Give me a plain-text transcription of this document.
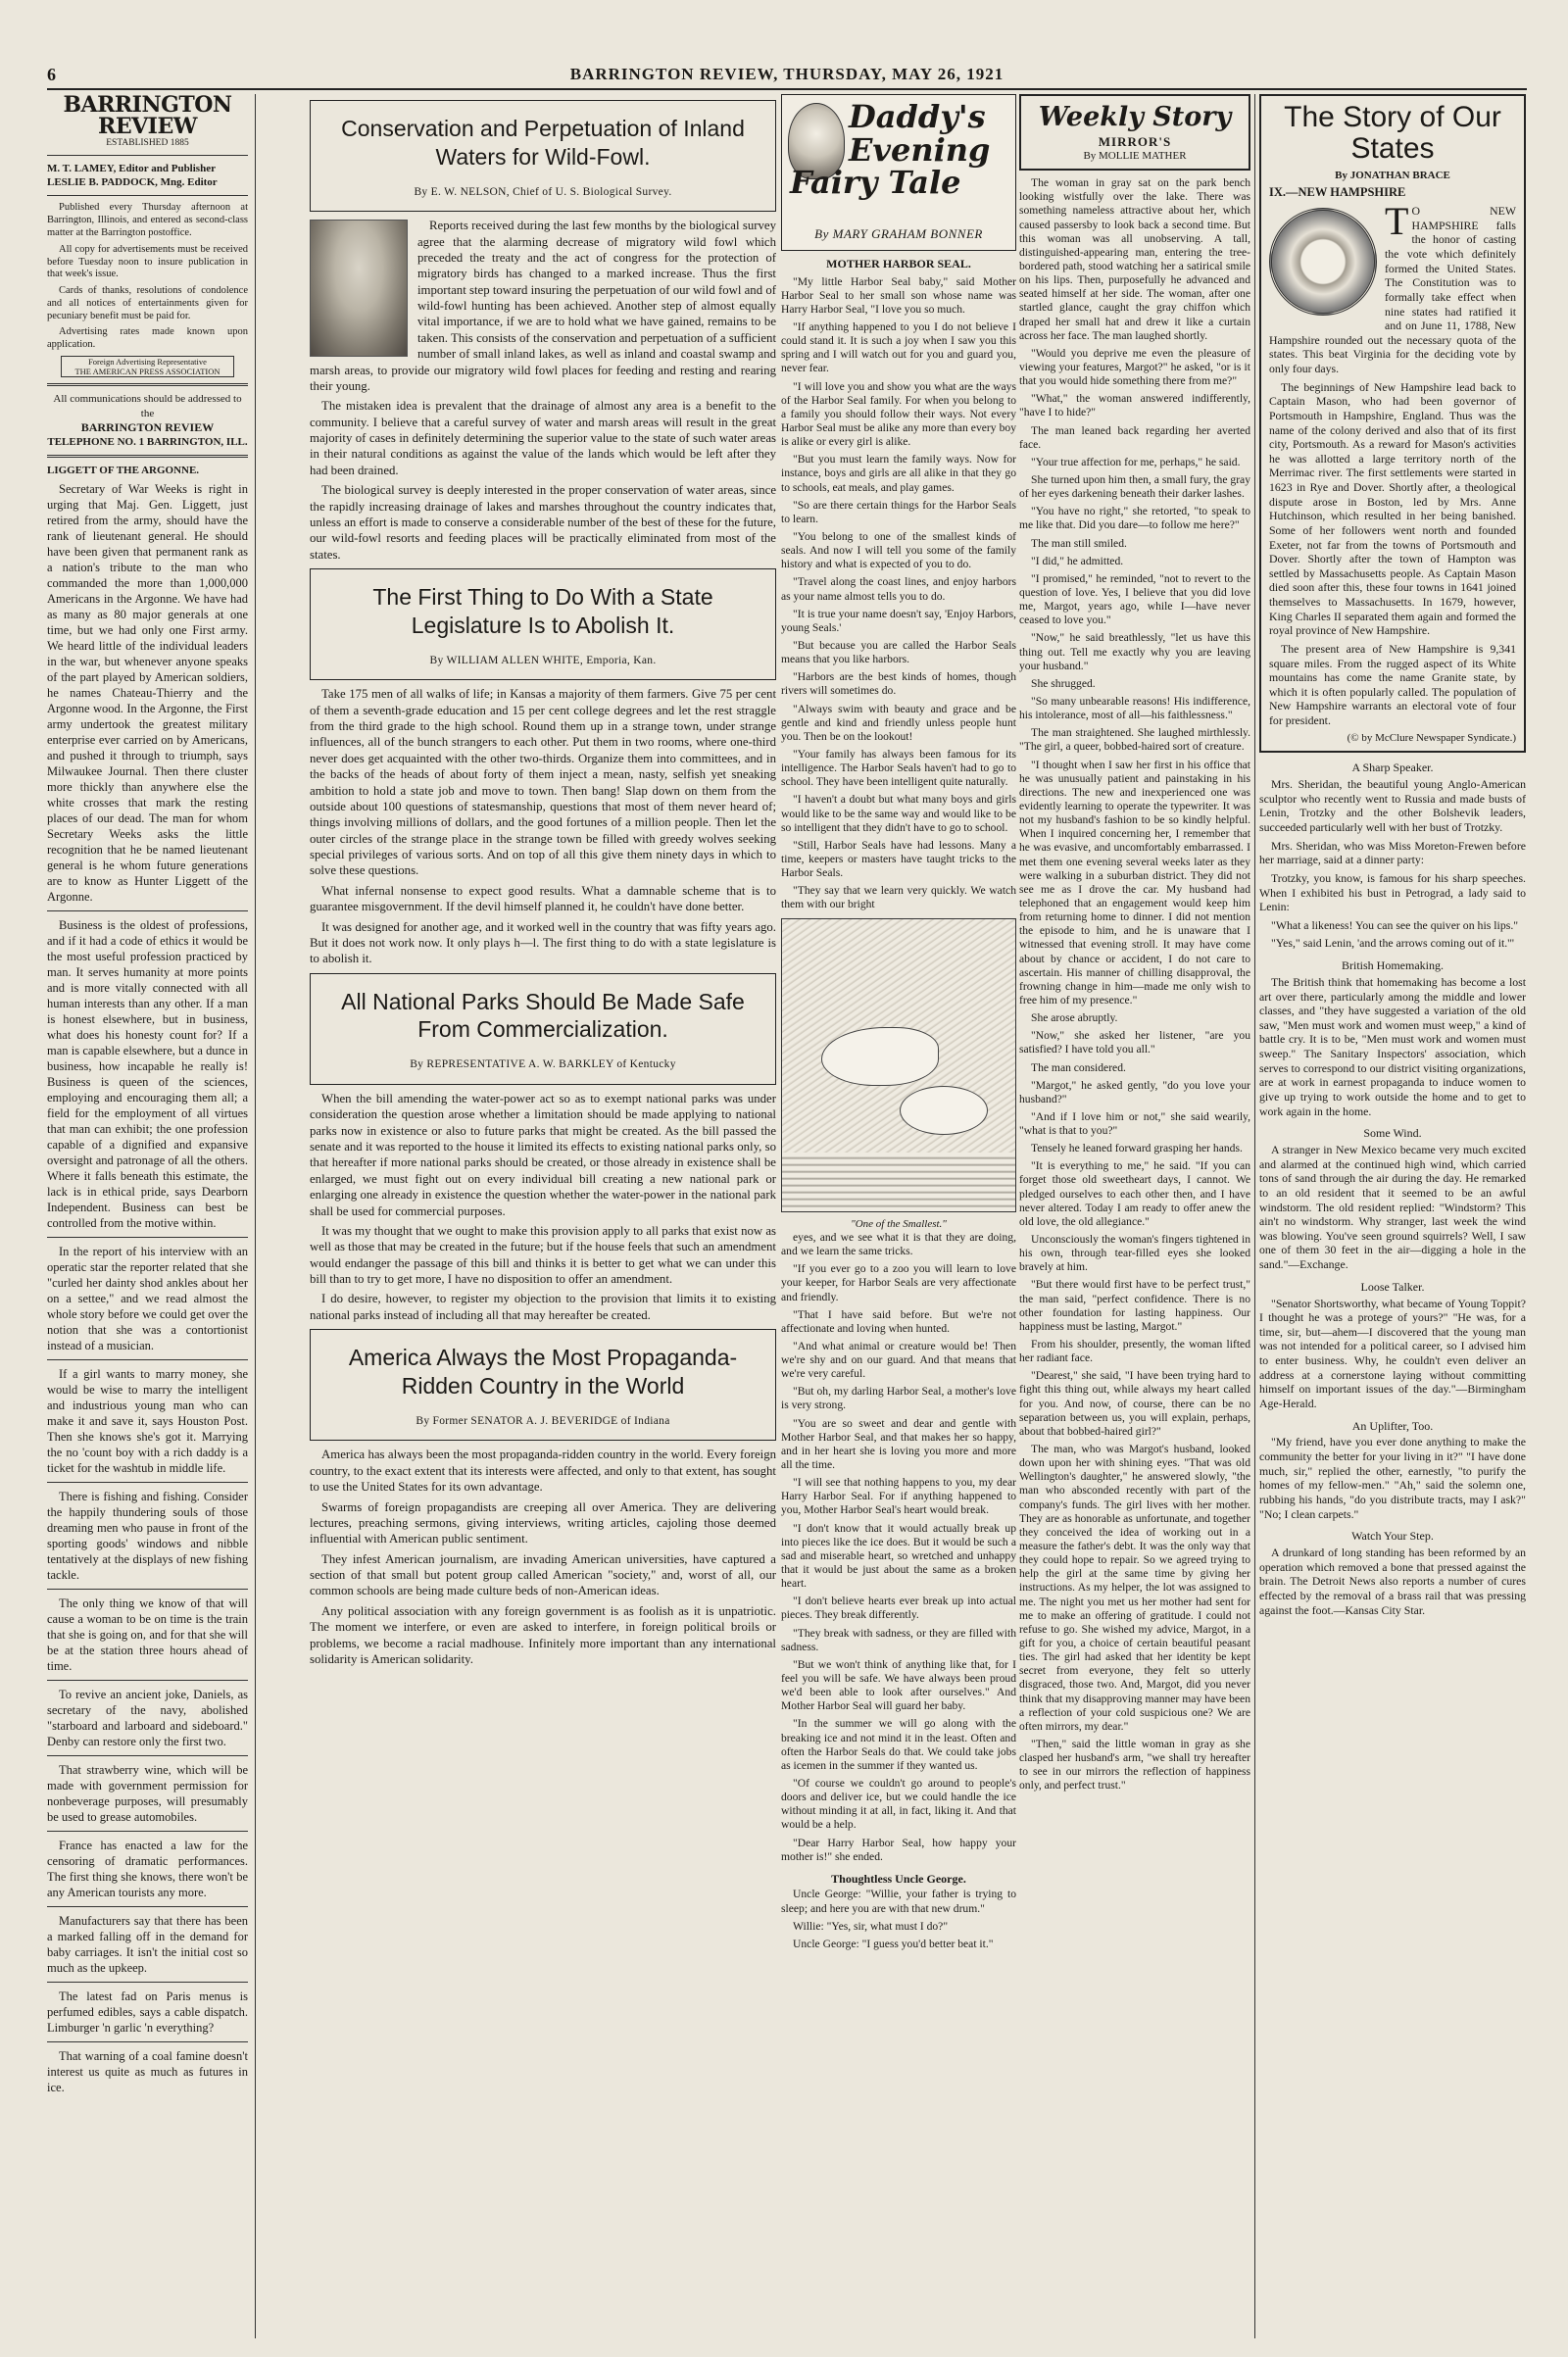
6	BARRINGTON REVIEW, THURSDAY, MAY 26, 1921
BARRINGTON REVIEW
ESTABLISHED 1885
M. T. LAMEY, Editor and Publisher
LESLIE B. PADDOCK, Mng. Editor

Published every Thursday afternoon at Barrington, Illinois, and entered as second-class matter at the Barrington postoffice.

All copy for advertisements must be received before Tuesday noon to insure publication in that week's issue.

Cards of thanks, resolutions of condolence and all notices of entertainments given for pecuniary benefit must be paid for.

Advertising rates made known upon application.

Foreign Advertising Representative
THE AMERICAN PRESS ASSOCIATION
All communications should be addressed to the
BARRINGTON REVIEW
TELEPHONE NO. 1 BARRINGTON, ILL.
LIGGETT OF THE ARGONNE.

Secretary of War Weeks is right in urging that Maj. Gen. Liggett, just retired from the army, should have the rank of lieutenant general. He should have been given that permanent rank as a nation's tribute to the man who commanded the more than 1,000,000 Americans in the Argonne. We have had as many as 80 major generals at one time, but we had only one First army. We heard little of the individual leaders in the war, but whenever anyone speaks of the part played by American soldiers, he names Chateau-Thierry and the Argonne wood. In the Argonne, the First army undertook the greatest military enterprise ever carried on by Americans, and pushed it through to triumph, says Milwaukee Journal. Then there cluster more thickly than anywhere else the white crosses that mark the resting places of our dead. The man for whom Secretary Weeks asks the little recognition that he be named lieutenant general is he whom future generations are to know as Hunter Liggett of the Argonne.

Business is the oldest of professions, and if it had a code of ethics it would be the most useful profession practiced by man. It serves humanity at more points and is more vitally connected with all human interests than any other. If a man is honest elsewhere, but in business, what does his honesty count for? If a man is capable elsewhere, but a dunce in business, how incapable he really is! Business is queen of the sciences, employing and encouraging them all; a field for the employment of all virtues that man can exhibit; the one profession capable of a dignified and expansive oversight and patronage of all the others. Where it falls beneath this estimate, the lack is in ethical pride, says Dearborn Independent. Business can best be controlled from the motive within.

In the report of his interview with an operatic star the reporter related that she "curled her dainty shod ankles about her on a settee," and we read almost the whole story before we could get over the notion that she was a contortionist instead of a musician.

If a girl wants to marry money, she would be wise to marry the intelligent and industrious young man who can make it and save it, says Houston Post. Then she knows she's got it. Marrying the no 'count boy with a rich daddy is a ticket for the washtub in middle life.

There is fishing and fishing. Consider the happily thundering souls of those dreaming men who pause in front of the sporting goods' windows and nibble tentatively at the displays of new fishing tackle.

The only thing we know of that will cause a woman to be on time is the train that she is going on, and for that she will be at the station three hours ahead of time.

To revive an ancient joke, Daniels, as secretary of the navy, abolished "starboard and larboard and sideboard." Denby can restore only the first two.

That strawberry wine, which will be made with government permission for nonbeverage purposes, will presumably be used to grease automobiles.

France has enacted a law for the censoring of dramatic performances. The first thing she knows, there won't be any American tourists any more.

Manufacturers say that there has been a marked falling off in the demand for baby carriages. It isn't the initial cost so much as the upkeep.

The latest fad on Paris menus is perfumed edibles, says a cable dispatch. Limburger 'n garlic 'n everything?

That warning of a coal famine doesn't interest us quite as much as futures in ice.

Conservation and Perpetuation of Inland Waters for Wild-Fowl.
By E. W. NELSON, Chief of U. S. Biological Survey.

Reports received during the last few months by the biological survey agree that the alarming decrease of migratory wild fowl which preceded the treaty and the act of congress for the protection of migratory birds has changed to a marked increase. Thus the first important step toward insuring the perpetuation of our wild fowl and of wild-fowl hunting has been achieved. Another step of almost equally vital importance, if we are to hold what we have gained, remains to be taken. This consists of the conservation and perpetuation of a sufficient number of small inland lakes, as well as inland and coastal swamp and marsh areas, to provide our migratory wild fowl places for feeding and resting and rearing their young.

The mistaken idea is prevalent that the drainage of almost any area is a benefit to the community. I believe that a careful survey of water and marsh areas will result in the great majority of cases in definitely determining the superior value to the state of such water areas in their natural conditions as against the value of the lands which would be left after they had been drained.

The biological survey is deeply interested in the proper conservation of water areas, since the rapidly increasing drainage of lakes and marshes throughout the country indicates that, unless an effort is made to conserve a considerable number of the best of these for the future, our wild-fowl resorts and feeding places will be practically eliminated from most of the states.

The First Thing to Do With a State Legislature Is to Abolish It.
By WILLIAM ALLEN WHITE, Emporia, Kan.

Take 175 men of all walks of life; in Kansas a majority of them farmers. Give 75 per cent of them a seventh-grade education and 15 per cent college degrees and let the rest straggle from the third grade to the high school. Round them up in a strange town, under strange influences, all of the bunch strangers to each other. Put them in two rooms, where one-third never does get acquainted with the other two-thirds. Organize them into committees, and in the backs of the heads of about forty of them inject a mean, nasty, selfish yet sneaking ambition to hold a state job and move to town. Then bang! Slap down on them from the outside about 100 questions of statesmanship, questions that most of them never heard of; things involving millions of dollars, and the good fortunes of a million people. Then let the outer circles of the strange place in the strange town be filled with greedy wolves seeking special privileges of various sorts. And on top of all this give them ninety days in which to solve these questions.

What infernal nonsense to expect good results. What a damnable scheme that is to guarantee misgovernment. If the devil himself planned it, he couldn't have done better.

It was designed for another age, and it worked well in the country that was fifty years ago. But it does not work now. It only plays h—l. The first thing to do with a state legislature is to abolish it.

All National Parks Should Be Made Safe From Commercialization.
By REPRESENTATIVE A. W. BARKLEY of Kentucky

When the bill amending the water-power act so as to exempt national parks was under consideration the question arose whether a limitation should be made applying to national parks now in existence or also to future parks that might be created. As the bill passed the senate and it was reported to the house it limited its effects to existing national parks only, so that hereafter if more national parks should be created, or those already in existence shall be enlarged, we must fight out on every individual bill creating a new national park or enlarging one already in existence the question whether the water-power in the national park shall be used for commercial purposes.

It was my thought that we ought to make this provision apply to all parks that exist now as well as those that may be created in the future; but if the house feels that such an amendment would endanger the passage of this bill and thinks it is better to get what we can under this bill than to try to get more, I have no disposition to offer an amendment.

I do desire, however, to register my objection to the provision that limits it to existing national parks instead of including all that may hereafter be created.

America Always the Most Propaganda-Ridden Country in the World
By Former SENATOR A. J. BEVERIDGE of Indiana

America has always been the most propaganda-ridden country in the world. Every foreign country, to the exact extent that its interests were affected, and only to that extent, has sought to use the United States for its own advantage.

Swarms of foreign propagandists are creeping all over America. They are delivering lectures, preaching sermons, giving interviews, writing articles, cajoling those deemed influential with American public sentiment.

They infest American journalism, are invading American universities, have captured a section of that small but potent group called American "society," and, worst of all, our common schools are being made culture beds of non-American ideas.

Any political association with any foreign government is as foolish as it is unpatriotic. The moment we interfere, or even are asked to interfere, in foreign political broils or problems, we become a racial madhouse. Infinitely more important than any international solidarity is American solidarity.

Daddy's
Evening
Fairy Tale
By MARY GRAHAM BONNER
MOTHER HARBOR SEAL.

"My little Harbor Seal baby," said Mother Harbor Seal to her small son whose name was Harry Harbor Seal, "I love you so much.

"If anything happened to you I do not believe I could stand it. It is such a joy when I saw you this spring and I will watch out for you and guard you, never fear.

"I will love you and show you what are the ways of the Harbor Seal family. For when you belong to a family you should follow their ways. Not every Harbor Seal must be alike any more than every boy is alike or every girl is alike.

"But you must learn the family ways. Now for instance, boys and girls are all alike in that they go to schools, eat meals, and play games.

"So are there certain things for the Harbor Seals to learn.

"You belong to one of the smallest kinds of seals. And now I will tell you some of the family history and what is expected of you to do.

"Travel along the coast lines, and enjoy harbors as your name almost tells you to do.

"It is true your name doesn't say, 'Enjoy Harbors, young Seals.'

"But because you are called the Harbor Seals means that you like harbors.

"Harbors are the best kinds of homes, though rivers will sometimes do.

"Always swim with beauty and grace and be gentle and kind and friendly unless people hunt you. Then be on the lookout!

"Your family has always been famous for its intelligence. The Harbor Seals haven't had to go to school. They have been intelligent quite naturally.

"I haven't a doubt but what many boys and girls would like to be the same way and would like to be so intelligent that they didn't have to go to school.

"Still, Harbor Seals have had lessons. Many a time, keepers or masters have taught tricks to the Harbor Seals.

"They say that we learn very quickly. We watch them with our bright

"One of the Smallest."

eyes, and we see what it is that they are doing, and we learn the same tricks.

"If you ever go to a zoo you will learn to love your keeper, for Harbor Seals are very affectionate and friendly.

"That I have said before. But we're not affectionate and loving when hunted.

"And what animal or creature would be! Then we're shy and on our guard. And that means that we're very careful.

"But oh, my darling Harbor Seal, a mother's love is very strong.

"You are so sweet and dear and gentle with Mother Harbor Seal, and that makes her so happy, and in her heart she is loving you more and more all the time.

"I will see that nothing happens to you, my dear Harry Harbor Seal. For if anything happened to you, Mother Harbor Seal's heart would break.

"I don't know that it would actually break up into pieces like the ice does. But it would be such a sad and miserable heart, so wretched and unhappy that it would be just about the same as a broken heart.

"I don't believe hearts ever break up into actual pieces. They break differently.

"They break with sadness, or they are filled with sadness.

"But we won't think of anything like that, for I feel you will be safe. We have always been proud we'd been able to look after ourselves." And Mother Harbor Seal will guard her baby.

"In the summer we will go along with the breaking ice and not mind it in the least. Often and often the Harbor Seals do that. We could take jobs as icemen in the summer if they wanted us.

"Of course we couldn't go around to people's doors and deliver ice, but we could handle the ice without minding it at all, in fact, liking it. And that would be a help.

"Dear Harry Harbor Seal, how happy your mother is!" she ended.

Thoughtless Uncle George.

Uncle George: "Willie, your father is trying to sleep; and here you are with that new drum."

Willie: "Yes, sir, what must I do?"

Uncle George: "I guess you'd better beat it."

Weekly Story
MIRROR'S
By MOLLIE MATHER

The woman in gray sat on the park bench looking wistfully over the lake. There was something nameless attractive about her, which caused passersby to look back a second time. But this woman was all unobserving. A tall, distinguished-appearing man, entering the tree-bordered path, stood watching her a satirical smile on his lips. Then, purposefully he advanced and seated himself at her side. The woman, after one startled glance, caught the gray chiffon which draped her small hat and drew it like a curtain across her face. The man laughed shortly.

"Would you deprive me even the pleasure of viewing your features, Margot?" he asked, "or is it that you would hide something there from me?"

"What," the woman answered indifferently, "have I to hide?"

The man leaned back regarding her averted face.

"Your true affection for me, perhaps," he said.

She turned upon him then, a small fury, the gray of her eyes darkening beneath their darker lashes.

"You have no right," she retorted, "to speak to me like that. Did you dare—to follow me here?"

The man still smiled.

"I did," he admitted.

"I promised," he reminded, "not to revert to the question of love. Yes, I believe that you did love me, Margot, years ago, while I—have never ceased to love you."

"Now," he said breathlessly, "let us have this thing out. Tell me exactly why you are leaving your husband."

She shrugged.

"So many unbearable reasons! His indifference, his intolerance, most of all—his faithlessness."

The man straightened. She laughed mirthlessly. "The girl, a queer, bobbed-haired sort of creature.

"I thought when I saw her first in his office that he was unusually patient and painstaking in his directions. The new and inexperienced one was evidently learning to operate the typewriter. It was not my husband's fashion to be so kindly helpful. When I inquired concerning her, I remember that he was evasive, and uncomfortably embarrassed. I met them one evening several weeks later as they were walking in a suburban district. They did not see me as I drove the car. My husband had telephoned that an engagement would keep him from returning home to dinner. I did not mention the episode to him, and he is unaware that I witnessed that evening stroll. It may have come about by chance or accident, I do not care to ascertain. His manner of chilling disapproval, the frowning change in him—made me only wish to free him of my presence."

She arose abruptly.

"Now," she asked her listener, "are you satisfied? I have told you all."

The man considered.

"Margot," he asked gently, "do you love your husband?"

"And if I love him or not," she said wearily, "what is that to you?"

Tensely he leaned forward grasping her hands.

"It is everything to me," he said. "If you can forget those old sweetheart days, I cannot. We pledged ourselves to each other then, and I have never altered. Today I am ready to offer anew the old love, the old allegiance."

Unconsciously the woman's fingers tightened in his own, through tear-filled eyes she looked bravely at him.

"But there would first have to be perfect trust," the man said, "perfect confidence. There is no other foundation for lasting happiness. Our happiness must be lasting, Margot."

From his shoulder, presently, the woman lifted her radiant face.

"Dearest," she said, "I have been trying hard to fight this thing out, while always my heart called for you. And now, of course, there can be no separation between us, you will explain, perhaps, about that bobbed-haired girl?"

The man, who was Margot's husband, looked down upon her with shining eyes. "That was old Wellington's daughter," he answered slowly, "the man who absconded recently with part of the company's funds. The girl lives with her mother. They are as honorable as unfortunate, and together they conceived the idea of working out in a measure the father's debt. It was the only way that they could hope to repair. So we agreed trying to help the girl at the same time by giving her instructions. As my helper, the lot was assigned to me. The night you met us her mother had sent for me to make an offering of gratitude. I could not refuse to go. She wished my advice, Margot, in a gift for you, a choice of certain beautiful peasant ties. The girl had asked that her identity be kept secret from everyone, they felt so utterly disgraced, those two. And, Margot, did you never think that my disapproving manner may have been a reflection of your cold suspicious one? We are often mirrors, my dear."

"Then," said the little woman in gray as she clasped her husband's arm, "we shall try hereafter to see in our mirrors the reflection of happiness only, and perfect trust."

The Story of Our States
By JONATHAN BRACE
IX.—NEW HAMPSHIRE

T O NEW HAMPSHIRE falls the honor of casting the vote which definitely formed the United States. The Constitution was to formally take effect when nine states had ratified it and on June 11, 1788, New Hampshire rounded out the necessary quota of the states. This beat Virginia for the deciding vote by only four days.

The beginnings of New Hampshire lead back to Captain Mason, who had been governor of Portsmouth in Hampshire, England. Thus was the name of the colony derived and also that of its first city, Portsmouth. As a reward for Mason's activities he was allotted a large territory north of the Merrimac river. The first settlements were started in 1623 in Rye and Dover. Shortly after, a theological dispute arose in Boston, led by Mrs. Anne Hutchinson, which resulted in her being banished. Some of her followers went north and founded Exeter, not far from the towns of Portsmouth and Dover. Shortly after the town of Hampton was settled by Massachusetts people. As Captain Mason died soon after this, these four towns in 1641 joined themselves to Massachusetts. In 1679, however, King Charles II separated them again and formed the royal province of New Hampshire.

The present area of New Hampshire is 9,341 square miles. From the rugged aspect of its White mountains has come the name Granite state, by which it is often popularly called. The population of New Hampshire warrants an electoral vote of four for president.

(© by McClure Newspaper Syndicate.)
A Sharp Speaker.

Mrs. Sheridan, the beautiful young Anglo-American sculptor who recently went to Russia and made busts of Lenin, Trotzky and the other Bolshevik leaders, succeeded particularly well with her bust of Trotzky.

Mrs. Sheridan, who was Miss Moreton-Frewen before her marriage, said at a dinner party:

Trotzky, you know, is famous for his sharp speeches. When I exhibited his bust in Petrograd, a lady said to Lenin:

"What a likeness! You can see the quiver on his lips."

"Yes," said Lenin, 'and the arrows coming out of it.'"

British Homemaking.

The British think that homemaking has become a lost art over there, particularly among the middle and lower classes, and "they have suggested a variation of the old saw, "Men must work and women must weep," a kind of battle cry. It is to be, "Men must work and women must sweep." The Sanitary Inspectors' association, which serves to correspond to our district visiting organizations, are at work in earnest propaganda to induce women to give up trying to work outside the home and to get to work again in the home.

Some Wind.

A stranger in New Mexico became very much excited and alarmed at the continued high wind, which carried tons of sand through the air during the day. He remarked to an old resident that it seemed to be an awful windstorm. The old resident replied: "Windstorm? This ain't no windstorm. Why stranger, last week the wind was blowing. You've seen ground squirrels? Well, I saw one of them 30 feet in the air—digging a hole in the sand."—Exchange.

Loose Talker.

"Senator Shortsworthy, what became of Young Toppit? I thought he was a protege of yours?" "He was, for a time, sir, but—ahem—I discovered that the young man was not intended for a political career, so I advised him to enter business. Why, he couldn't even deliver an address at a cornerstone laying without committing himself on important issues of the day."—Birmingham Age-Herald.

An Uplifter, Too.

"My friend, have you ever done anything to make the community the better for your living in it?" "I have done much, sir," replied the other, earnestly, "to purify the homes of my fellow-men." "Ah," said the solemn one, rubbing his hands, "do you distribute tracts, may I ask?" "No; I clean carpets."

Watch Your Step.

A drunkard of long standing has been reformed by an operation which removed a bone that pressed against the brain. The Detroit News also reports a number of cures effected by the removal of a brass rail that was pressing against the foot.—Kansas City Star.
